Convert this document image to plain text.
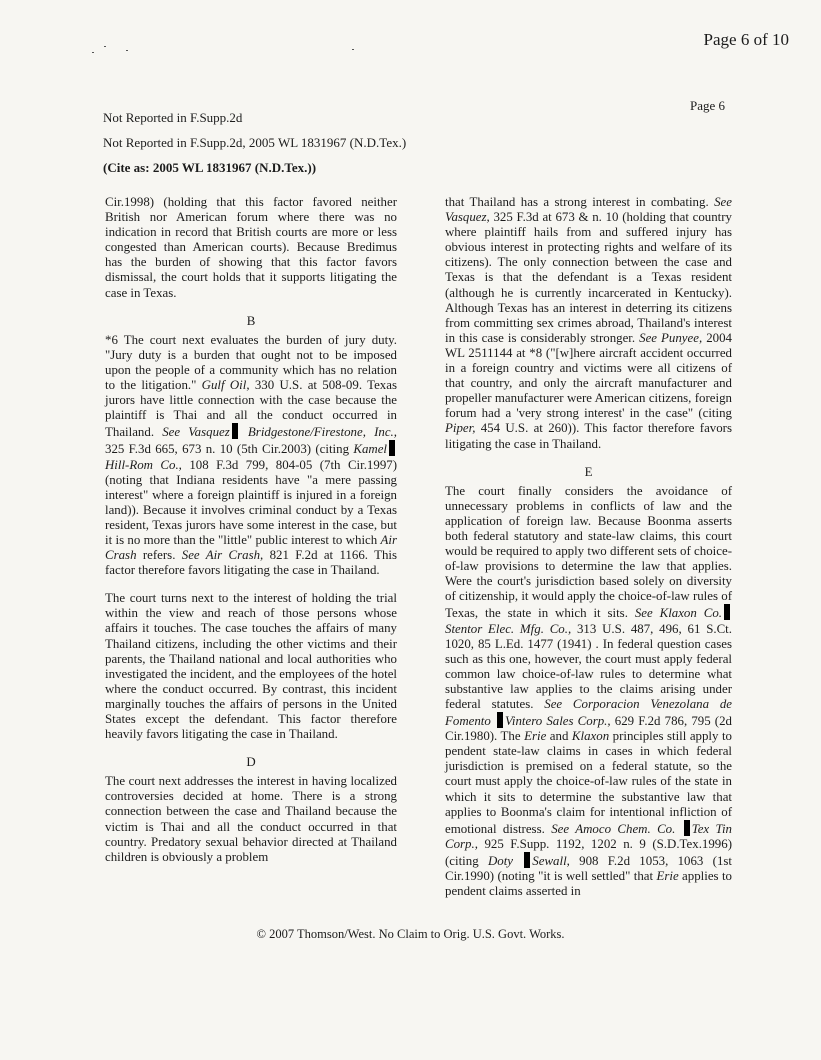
Page 6 of 10
Page 6
Not Reported in F.Supp.2d
Not Reported in F.Supp.2d, 2005 WL 1831967 (N.D.Tex.)
(Cite as: 2005 WL 1831967 (N.D.Tex.))

Cir.1998) (holding that this factor favored neither British nor American forum where there was no indication in record that British courts are more or less congested than American courts). Because Bredimus has the burden of showing that this factor favors dismissal, the court holds that it supports litigating the case in Texas.

B

*6 The court next evaluates the burden of jury duty. "Jury duty is a burden that ought not to be imposed upon the people of a community which has no relation to the litigation." Gulf Oil, 330 U.S. at 508-09. Texas jurors have little connection with the case because the plaintiff is Thai and all the conduct occurred in Thailand. See Vasquez Bridgestone/Firestone, Inc., 325 F.3d 665, 673 n. 10 (5th Cir.2003) (citing KamelHill-Rom Co., 108 F.3d 799, 804-05 (7th Cir.1997) (noting that Indiana residents have "a mere passing interest" where a foreign plaintiff is injured in a foreign land)). Because it involves criminal conduct by a Texas resident, Texas jurors have some interest in the case, but it is no more than the "little" public interest to which Air Crash refers. See Air Crash, 821 F.2d at 1166. This factor therefore favors litigating the case in Thailand.

The court turns next to the interest of holding the trial within the view and reach of those persons whose affairs it touches. The case touches the affairs of many Thailand citizens, including the other victims and their parents, the Thailand national and local authorities who investigated the incident, and the employees of the hotel where the conduct occurred. By contrast, this incident marginally touches the affairs of persons in the United States except the defendant. This factor therefore heavily favors litigating the case in Thailand.

D

The court next addresses the interest in having localized controversies decided at home. There is a strong connection between the case and Thailand because the victim is Thai and all the conduct occurred in that country. Predatory sexual behavior directed at Thailand children is obviously a problem

that Thailand has a strong interest in combating. See Vasquez, 325 F.3d at 673 & n. 10 (holding that country where plaintiff hails from and suffered injury has obvious interest in protecting rights and welfare of its citizens). The only connection between the case and Texas is that the defendant is a Texas resident (although he is currently incarcerated in Kentucky). Although Texas has an interest in deterring its citizens from committing sex crimes abroad, Thailand's interest in this case is considerably stronger. See Punyee, 2004 WL 2511144 at *8 ("[w]here aircraft accident occurred in a foreign country and victims were all citizens of that country, and only the aircraft manufacturer and propeller manufacturer were American citizens, foreign forum had a 'very strong interest' in the case" (citing Piper, 454 U.S. at 260)). This factor therefore favors litigating the case in Thailand.

E

The court finally considers the avoidance of unnecessary problems in conflicts of law and the application of foreign law. Because Boonma asserts both federal statutory and state-law claims, this court would be required to apply two different sets of choice-of-law provisions to determine the law that applies. Were the court's jurisdiction based solely on diversity of citizenship, it would apply the choice-of-law rules of Texas, the state in which it sits. See Klaxon Co. Stentor Elec. Mfg. Co., 313 U.S. 487, 496, 61 S.Ct. 1020, 85 L.Ed. 1477 (1941) . In federal question cases such as this one, however, the court must apply federal common law choice-of-law rules to determine what substantive law applies to the claims arising under federal statutes. See Corporacion Venezolana de Fomento Vintero Sales Corp., 629 F.2d 786, 795 (2d Cir.1980). The Erie and Klaxon principles still apply to pendent state-law claims in cases in which federal jurisdiction is premised on a federal statute, so the court must apply the choice-of-law rules of the state in which it sits to determine the substantive law that applies to Boonma's claim for intentional infliction of emotional distress. See Amoco Chem. Co. Tex Tin Corp., 925 F.Supp. 1192, 1202 n. 9 (S.D.Tex.1996) (citing Doty Sewall, 908 F.2d 1053, 1063 (1st Cir.1990) (noting "it is well settled" that Erie applies to pendent claims asserted in

© 2007 Thomson/West. No Claim to Orig. U.S. Govt. Works.
